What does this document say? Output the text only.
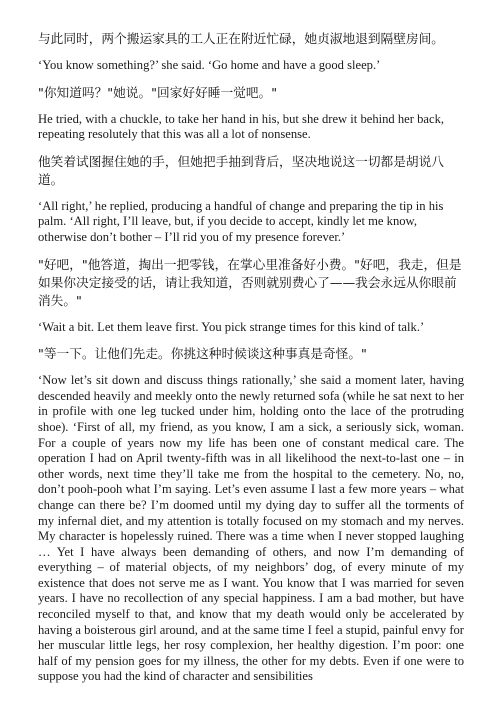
与此同时，两个搬运家具的工人正在附近忙碌，她贞淑地退到隔壁房间。

‘You know something?’ she said. ‘Go home and have a good sleep.’

"你知道吗？"她说。"回家好好睡一觉吧。"

He tried, with a chuckle, to take her hand in his, but she drew it behind her back, repeating resolutely that this was all a lot of nonsense.

他笑着试图握住她的手，但她把手抽到背后，坚决地说这一切都是胡说八道。

‘All right,’ he replied, producing a handful of change and preparing the tip in his palm. ‘All right, I’ll leave, but, if you decide to accept, kindly let me know, otherwise don’t bother – I’ll rid you of my presence forever.’

"好吧，"他答道，掏出一把零钱，在掌心里准备好小费。"好吧，我走，但是如果你决定接受的话，请让我知道，否则就别费心了——我会永远从你眼前消失。"

‘Wait a bit. Let them leave first. You pick strange times for this kind of talk.’

"等一下。让他们先走。你挑这种时候谈这种事真是奇怪。"

‘Now let’s sit down and discuss things rationally,’ she said a moment later, having descended heavily and meekly onto the newly returned sofa (while he sat next to her in profile with one leg tucked under him, holding onto the lace of the protruding shoe). ‘First of all, my friend, as you know, I am a sick, a seriously sick, woman. For a couple of years now my life has been one of constant medical care. The operation I had on April twenty-fifth was in all likelihood the next-to-last one – in other words, next time they’ll take me from the hospital to the cemetery. No, no, don’t pooh-pooh what I’m saying. Let’s even assume I last a few more years – what change can there be? I’m doomed until my dying day to suffer all the torments of my infernal diet, and my attention is totally focused on my stomach and my nerves. My character is hopelessly ruined. There was a time when I never stopped laughing … Yet I have always been demanding of others, and now I’m demanding of everything – of material objects, of my neighbors’ dog, of every minute of my existence that does not serve me as I want. You know that I was married for seven years. I have no recollection of any special happiness. I am a bad mother, but have reconciled myself to that, and know that my death would only be accelerated by having a boisterous girl around, and at the same time I feel a stupid, painful envy for her muscular little legs, her rosy complexion, her healthy digestion. I’m poor: one half of my pension goes for my illness, the other for my debts. Even if one were to suppose you had the kind of character and sensibilities
